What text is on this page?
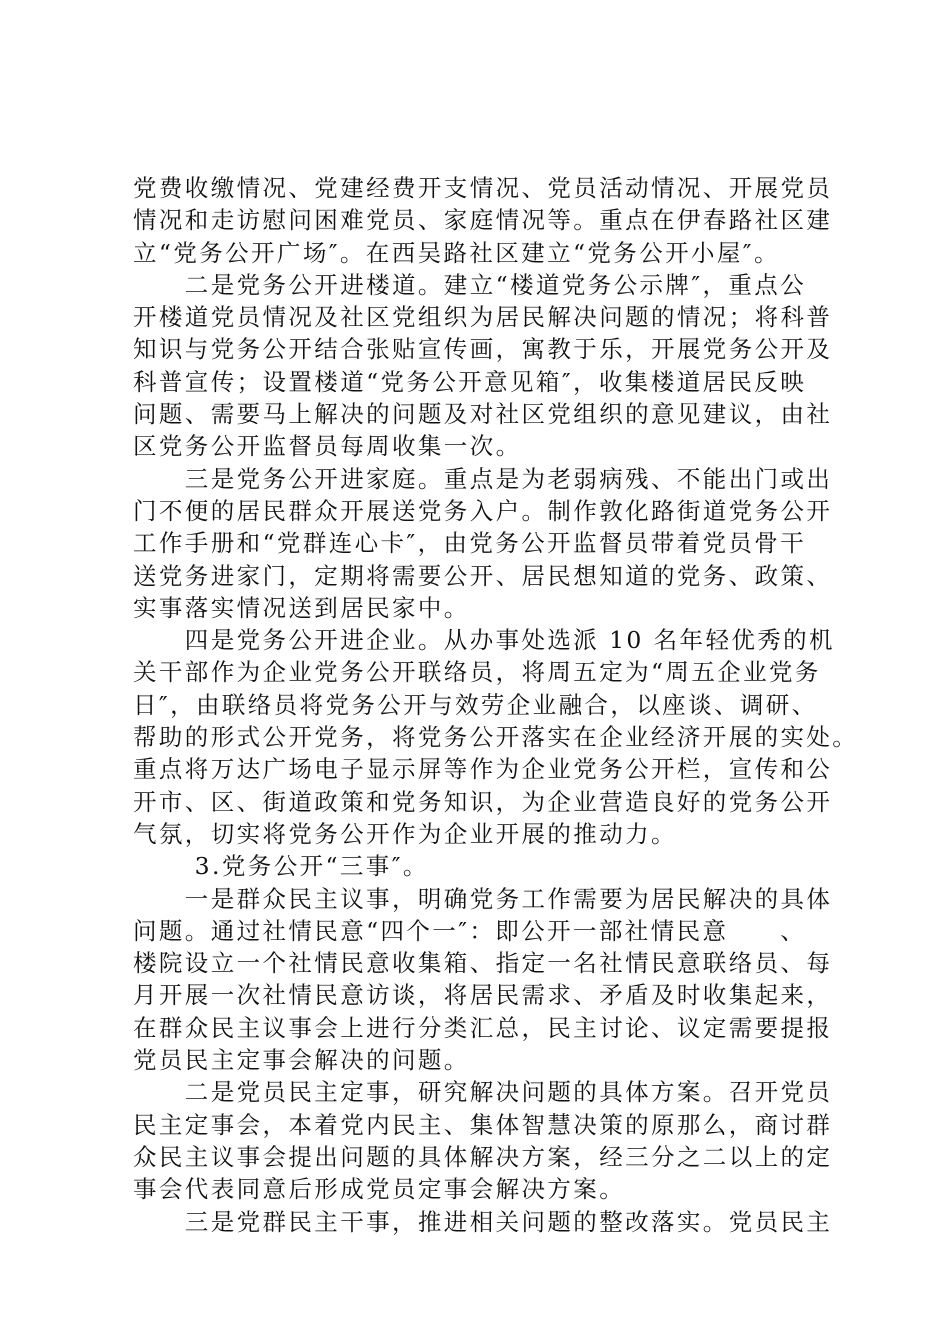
党费收缴情况、党建经费开支情况、党员活动情况、开展党员
情况和走访慰问困难党员、家庭情况等。重点在伊春路社区建
立“党务公开广场″。在西吴路社区建立“党务公开小屋″。
　　二是党务公开进楼道。建立“楼道党务公示牌″，重点公
开楼道党员情况及社区党组织为居民解决问题的情况；将科普
知识与党务公开结合张贴宣传画，寓教于乐，开展党务公开及
科普宣传；设置楼道“党务公开意见箱″，收集楼道居民反映
问题、需要马上解决的问题及对社区党组织的意见建议，由社
区党务公开监督员每周收集一次。
　　三是党务公开进家庭。重点是为老弱病残、不能出门或出
门不便的居民群众开展送党务入户。制作敦化路街道党务公开
工作手册和“党群连心卡″，由党务公开监督员带着党员骨干
送党务进家门，定期将需要公开、居民想知道的党务、政策、
实事落实情况送到居民家中。
　　四是党务公开进企业。从办事处选派 10 名年轻优秀的机
关干部作为企业党务公开联络员，将周五定为“周五企业党务
日″，由联络员将党务公开与效劳企业融合，以座谈、调研、
帮助的形式公开党务，将党务公开落实在企业经济开展的实处。
重点将万达广场电子显示屏等作为企业党务公开栏，宣传和公
开市、区、街道政策和党务知识，为企业营造良好的党务公开
气氛，切实将党务公开作为企业开展的推动力。
　　 3.党务公开“三事″。
　　一是群众民主议事，明确党务工作需要为居民解决的具体
问题。通过社情民意“四个一″：即公开一部社情民意　　、
楼院设立一个社情民意收集箱、指定一名社情民意联络员、每
月开展一次社情民意访谈，将居民需求、矛盾及时收集起来，
在群众民主议事会上进行分类汇总，民主讨论、议定需要提报
党员民主定事会解决的问题。
　　二是党员民主定事，研究解决问题的具体方案。召开党员
民主定事会，本着党内民主、集体智慧决策的原那么，商讨群
众民主议事会提出问题的具体解决方案，经三分之二以上的定
事会代表同意后形成党员定事会解决方案。
　　三是党群民主干事，推进相关问题的整改落实。党员民主
